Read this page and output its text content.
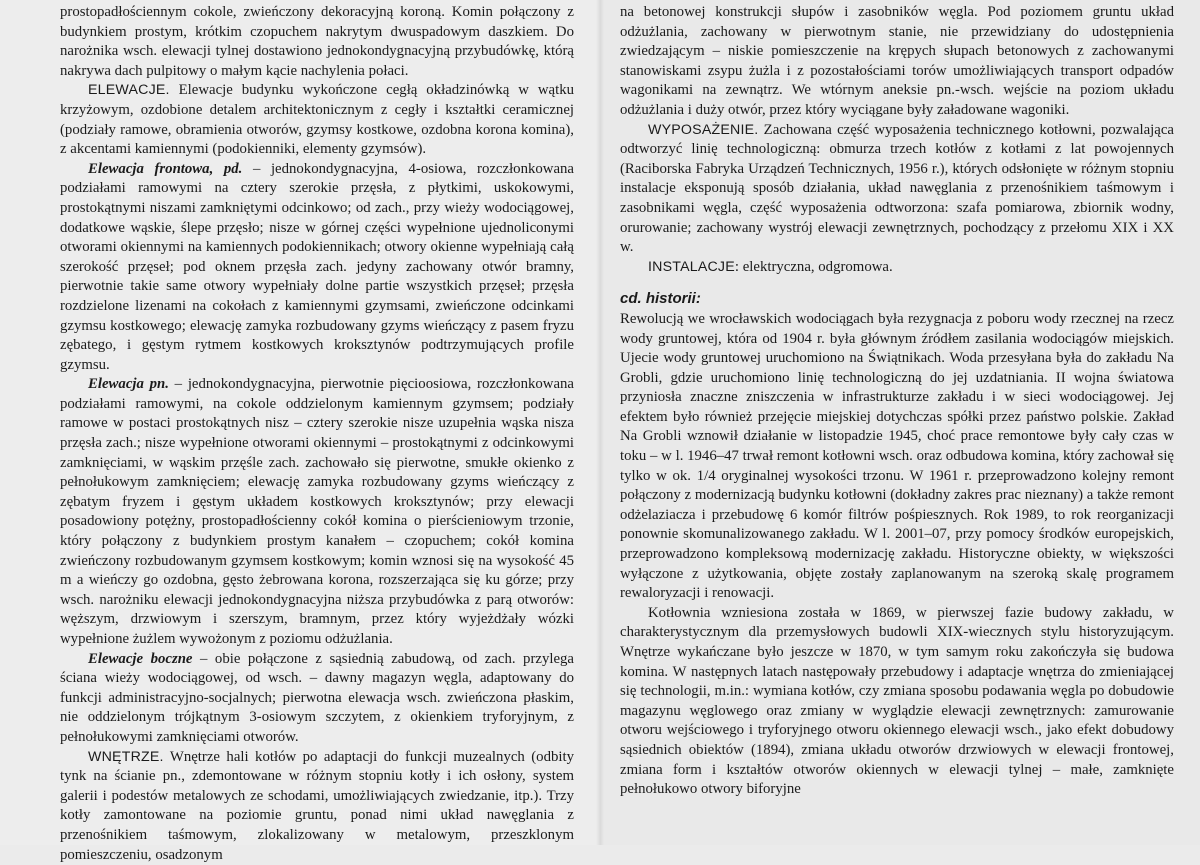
prostopadłościennym cokole, zwieńczony dekoracyjną koroną. Komin połączony z budynkiem prostym, krótkim czopuchem nakrytym dwuspadowym daszkiem. Do narożnika wsch. elewacji tylnej dostawiono jednokondygnacyjną przybudówkę, którą nakrywa dach pulpitowy o małym kącie nachylenia połaci.

ELEWACJE. Elewacje budynku wykończone cegłą okładzinówką w wątku krzyżowym, ozdobione detalem architektonicznym z cegły i kształtki ceramicznej (podziały ramowe, obramienia otworów, gzymsy kostkowe, ozdobna korona komina), z akcentami kamiennymi (podokienniki, elementy gzymsów).

Elewacja frontowa, pd. – jednokondygnacyjna, 4-osiowa, rozczłonkowana podziałami ramowymi na cztery szerokie przęsła, z płytkimi, uskokowymi, prostokątnymi niszami zamkniętymi odcinkowo; od zach., przy wieży wodociągowej, dodatkowe wąskie, ślepe przęsło; nisze w górnej części wypełnione ujednoliconymi otworami okiennymi na kamiennych podokiennikach; otwory okienne wypełniają całą szerokość przęseł; pod oknem przęsła zach. jedyny zachowany otwór bramny, pierwotnie takie same otwory wypełniały dolne partie wszystkich przęseł; przęsła rozdzielone lizenami na cokołach z kamiennymi gzymsami, zwieńczone odcinkami gzymsu kostkowego; elewację zamyka rozbudowany gzyms wieńczący z pasem fryzu zębatego, i gęstym rytmem kostkowych kroksztynów podtrzymujących profile gzymsu.

Elewacja pn. – jednokondygnacyjna, pierwotnie pięcioosiowa, rozczłonkowana podziałami ramowymi, na cokole oddzielonym kamiennym gzymsem; podziały ramowe w postaci prostokątnych nisz – cztery szerokie nisze uzupełnia wąska nisza przęsła zach.; nisze wypełnione otworami okiennymi – prostokątnymi z odcinkowymi zamknięciami, w wąskim przęśle zach. zachowało się pierwotne, smukłe okienko z pełnołukowym zamknięciem; elewację zamyka rozbudowany gzyms wieńczący z zębatym fryzem i gęstym układem kostkowych kroksztynów; przy elewacji posadowiony potężny, prostopadłościenny cokół komina o pierścieniowym trzonie, który połączony z budynkiem prostym kanałem – czopuchem; cokół komina zwieńczony rozbudowanym gzymsem kostkowym; komin wznosi się na wysokość 45 m a wieńczy go ozdobna, gęsto żebrowana korona, rozszerzająca się ku górze; przy wsch. narożniku elewacji jednokondygnacyjna niższa przybudówka z parą otworów: węższym, drzwiowym i szerszym, bramnym, przez który wyjeżdżały wózki wypełnione żużlem wywożonym z poziomu odżużlania.

Elewacje boczne – obie połączone z sąsiednią zabudową, od zach. przylega ściana wieży wodociągowej, od wsch. – dawny magazyn węgla, adaptowany do funkcji administracyjno-socjalnych; pierwotna elewacja wsch. zwieńczona płaskim, nie oddzielonym trójkątnym 3-osiowym szczytem, z okienkiem tryforyjnym, z pełnołukowymi zamknięciami otworów.

WNĘTRZE. Wnętrze hali kotłów po adaptacji do funkcji muzealnych (odbity tynk na ścianie pn., zdemontowane w różnym stopniu kotły i ich osłony, system galerii i podestów metalowych ze schodami, umożliwiających zwiedzanie, itp.). Trzy kotły zamontowane na poziomie gruntu, ponad nimi układ nawęglania z przenośnikiem taśmowym, zlokalizowany w metalowym, przeszklonym pomieszczeniu, osadzonym

na betonowej konstrukcji słupów i zasobników węgla. Pod poziomem gruntu układ odżużlania, zachowany w pierwotnym stanie, nie przewidziany do udostępnienia zwiedzającym – niskie pomieszczenie na krępych słupach betonowych z zachowanymi stanowiskami zsypu żużla i z pozostałościami torów umożliwiających transport odpadów wagonikami na zewnątrz. We wtórnym aneksie pn.-wsch. wejście na poziom układu odżużlania i duży otwór, przez który wyciągane były załadowane wagoniki.

WYPOSAŻENIE. Zachowana część wyposażenia technicznego kotłowni, pozwalająca odtworzyć linię technologiczną: obmurza trzech kotłów z kotłami z lat powojennych (Raciborska Fabryka Urządzeń Technicznych, 1956 r.), których odsłonięte w różnym stopniu instalacje eksponują sposób działania, układ nawęglania z przenośnikiem taśmowym i zasobnikami węgla, część wyposażenia odtworzona: szafa pomiarowa, zbiornik wodny, orurowanie; zachowany wystrój elewacji zewnętrznych, pochodzący z przełomu XIX i XX w.

INSTALACJE: elektryczna, odgromowa.

cd. historii:

Rewolucją we wrocławskich wodociągach była rezygnacja z poboru wody rzecznej na rzecz wody gruntowej, która od 1904 r. była głównym źródłem zasilania wodociągów miejskich. Ujecie wody gruntowej uruchomiono na Świątnikach. Woda przesyłana była do zakładu Na Grobli, gdzie uruchomiono linię technologiczną do jej uzdatniania. II wojna światowa przyniosła znaczne zniszczenia w infrastrukturze zakładu i w sieci wodociągowej. Jej efektem było również przejęcie miejskiej dotychczas spółki przez państwo polskie. Zakład Na Grobli wznowił działanie w listopadzie 1945, choć prace remontowe były cały czas w toku – w l. 1946–47 trwał remont kotłowni wsch. oraz odbudowa komina, który zachował się tylko w ok. 1/4 oryginalnej wysokości trzonu. W 1961 r. przeprowadzono kolejny remont połączony z modernizacją budynku kotłowni (dokładny zakres prac nieznany) a także remont odżelaziacza i przebudowę 6 komór filtrów pośpiesznych. Rok 1989, to rok reorganizacji ponownie skomunalizowanego zakładu. W l. 2001–07, przy pomocy środków europejskich, przeprowadzono kompleksową modernizację zakładu. Historyczne obiekty, w większości wyłączone z użytkowania, objęte zostały zaplanowanym na szeroką skalę programem rewaloryzacji i renowacji.

Kotłownia wzniesiona została w 1869, w pierwszej fazie budowy zakładu, w charakterystycznym dla przemysłowych budowli XIX-wiecznych stylu historyzującym. Wnętrze wykańczane było jeszcze w 1870, w tym samym roku zakończyła się budowa komina. W następnych latach następowały przebudowy i adaptacje wnętrza do zmieniającej się technologii, m.in.: wymiana kotłów, czy zmiana sposobu podawania węgla po dobudowie magazynu węglowego oraz zmiany w wyglądzie elewacji zewnętrznych: zamurowanie otworu wejściowego i tryforyjnego otworu okiennego elewacji wsch., jako efekt dobudowy sąsiednich obiektów (1894), zmiana układu otworów drzwiowych w elewacji frontowej, zmiana form i kształtów otworów okiennych w elewacji tylnej – małe, zamknięte pełnołukowo otwory biforyjne
